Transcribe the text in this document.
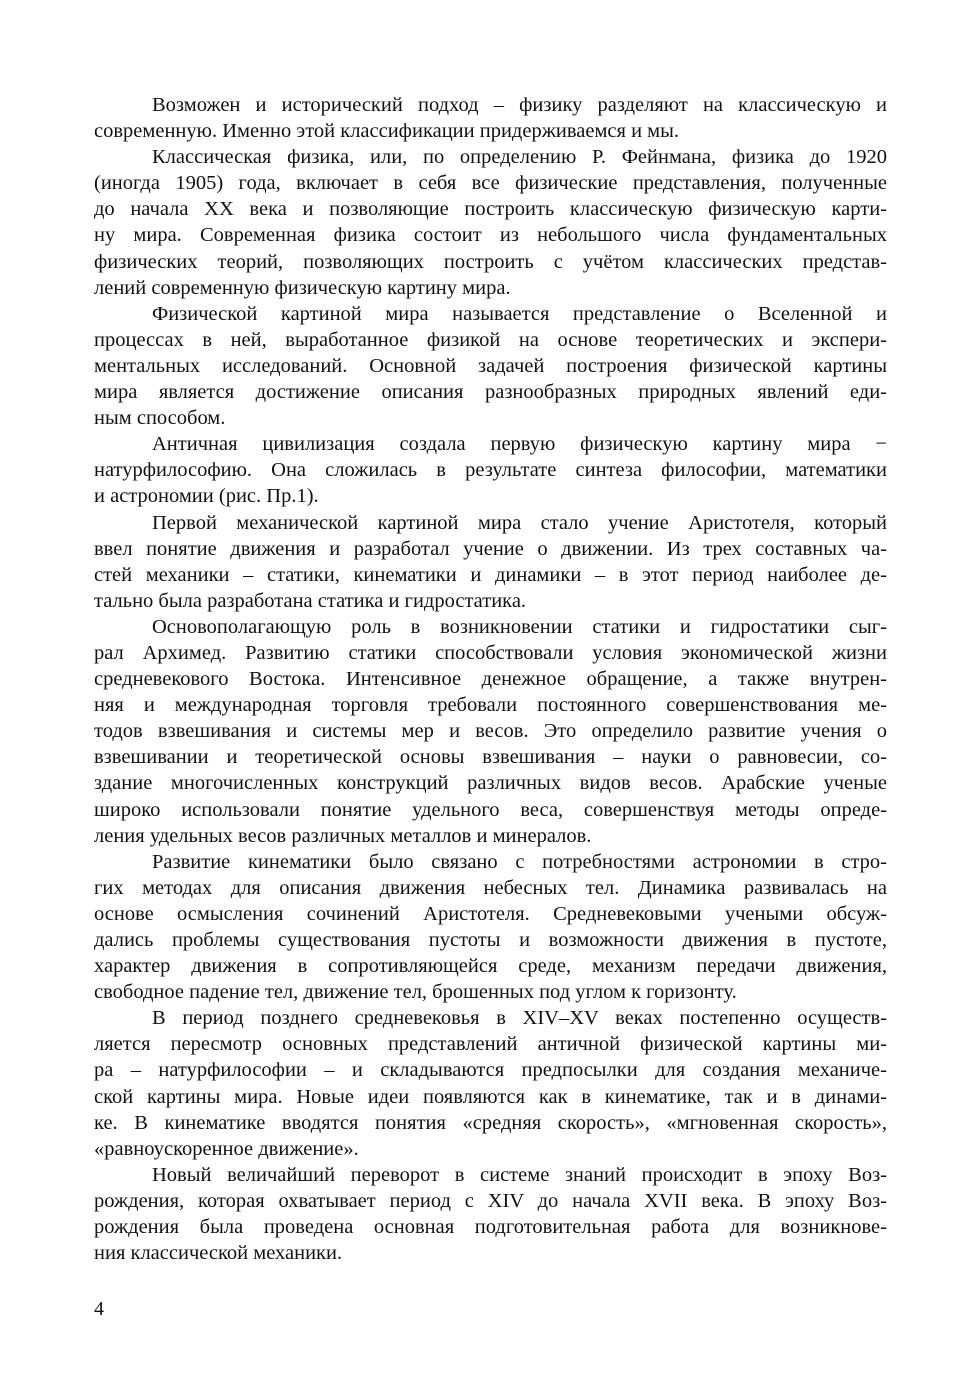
Возможен и исторический подход – физику разделяют на классическую и
современную. Именно этой классификации придерживаемся и мы.
Классическая физика, или, по определению Р. Фейнмана, физика до 1920
(иногда 1905) года, включает в себя все физические представления, полученные
до начала XX века и позволяющие построить классическую физическую карти-
ну мира. Современная физика состоит из небольшого числа фундаментальных
физических теорий, позволяющих построить с учётом классических представ-
лений современную физическую картину мира.
Физической картиной мира называется представление о Вселенной и
процессах в ней, выработанное физикой на основе теоретических и экспери-
ментальных исследований. Основной задачей построения физической картины
мира является достижение описания разнообразных природных явлений еди-
ным способом.
Античная цивилизация создала первую физическую картину мира −
натурфилософию. Она сложилась в результате синтеза философии, математики
и астрономии (рис. Пр.1).
Первой механической картиной мира стало учение Аристотеля, который
ввел понятие движения и разработал учение о движении. Из трех составных ча-
стей механики – статики, кинематики и динамики – в этот период наиболее де-
тально была разработана статика и гидростатика.
Основополагающую роль в возникновении статики и гидростатики сыг-
рал Архимед. Развитию статики способствовали условия экономической жизни
средневекового Востока. Интенсивное денежное обращение, а также внутрен-
няя и международная торговля требовали постоянного совершенствования ме-
тодов взвешивания и системы мер и весов. Это определило развитие учения о
взвешивании и теоретической основы взвешивания – науки о равновесии, со-
здание многочисленных конструкций различных видов весов. Арабские ученые
широко использовали понятие удельного веса, совершенствуя методы опреде-
ления удельных весов различных металлов и минералов.
Развитие кинематики было связано с потребностями астрономии в стро-
гих методах для описания движения небесных тел. Динамика развивалась на
основе осмысления сочинений Аристотеля. Средневековыми учеными обсуж-
дались проблемы существования пустоты и возможности движения в пустоте,
характер движения в сопротивляющейся среде, механизм передачи движения,
свободное падение тел, движение тел, брошенных под углом к горизонту.
В период позднего средневековья в XIV–XV веках постепенно осуществ-
ляется пересмотр основных представлений античной физической картины ми-
ра – натурфилософии – и складываются предпосылки для создания механиче-
ской картины мира. Новые идеи появляются как в кинематике, так и в динами-
ке. В кинематике вводятся понятия «средняя скорость», «мгновенная скорость»,
«равноускоренное движение».
Новый величайший переворот в системе знаний происходит в эпоху Воз-
рождения, которая охватывает период с XIV до начала XVII века. В эпоху Воз-
рождения была проведена основная подготовительная работа для возникнове-
ния классической механики.
4
